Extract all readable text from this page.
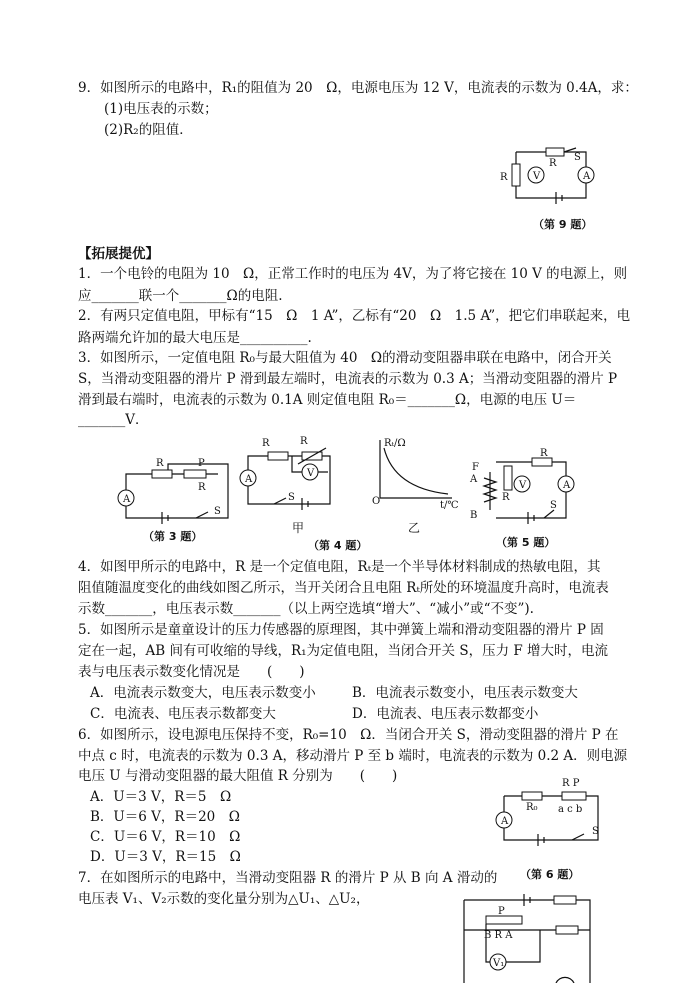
9．如图所示的电路中，R₁的阻值为 20　Ω，电源电压为 12 V，电流表的示数为 0.4A，求：
(1)电压表的示数；
(2)R₂的阻值．
R
S
R	V	A
（第 9 题）
【拓展提优】
1．一个电铃的电阻为 10　Ω，正常工作时的电压为 4V，为了将它接在 10 V 的电源上，则
应_______联一个_______Ω的电阻.
2．有两只定值电阻，甲标有“15　Ω　1 A”，乙标有“20　Ω　1.5 A”，把它们串联起来，电
路两端允许加的最大电压是__________.
3．如图所示，一定值电阻 R₀与最大阻值为 40　Ω的滑动变阻器串联在电路中，闭合开关
S，当滑动变阻器的滑片 P 滑到最左端时，电流表的示数为 0.3 A；当滑动变阻器的滑片 P
滑到最右端时，电流表的示数为 0.1A 则定值电阻 R₀＝_______Ω，电源的电压 U＝
_______V．
R
R
P
A
S
（第 3 题）
R	R
V
A
S
甲
Rₜ/Ω
O	t/℃
乙
（第 4 题）
R
R
V	A
F
A
B
S
（第 5 题）
4．如图甲所示的电路中，R 是一个定值电阻，Rₜ是一个半导体材料制成的热敏电阻，其
阻值随温度变化的曲线如图乙所示，当开关闭合且电阻 Rₜ所处的环境温度升高时，电流表
示数_______，电压表示数_______（以上两空选填“增大”、“减小”或“不变”).
5．如图所示是童童设计的压力传感器的原理图，其中弹簧上端和滑动变阻器的滑片 P 固
定在一起，AB 间有可收缩的导线，R₁为定值电阻，当闭合开关 S，压力 F 增大时，电流
表与电压表示数变化情况是　　(　　)
A．电流表示数变大，电压表示数变小	B．电流表示数变小，电压表示数变大
C．电流表、电压表示数都变大	D．电流表、电压表示数都变小
6．如图所示，设电源电压保持不变，R₀=10　Ω．当闭合开关 S，滑动变阻器的滑片 P 在
中点 c 时，电流表的示数为 0.3 A，移动滑片 P 至 b 端时，电流表的示数为 0.2 A．则电源
电压 U 与滑动变阻器的最大阻值 R 分别为　　(　　)
A．U＝3 V，R＝5　Ω
B．U＝6 V，R＝20　Ω
C．U＝6 V，R＝10　Ω
D．U＝3 V，R＝15　Ω
R₀
R P
a c b
A
S
（第 6 题）
7．在如图所示的电路中，当滑动变阻器 R 的滑片 P 从 B 向 A 滑动的
电压表 V₁、V₂示数的变化量分别为△U₁、△U₂，
P
B R A
V₁
